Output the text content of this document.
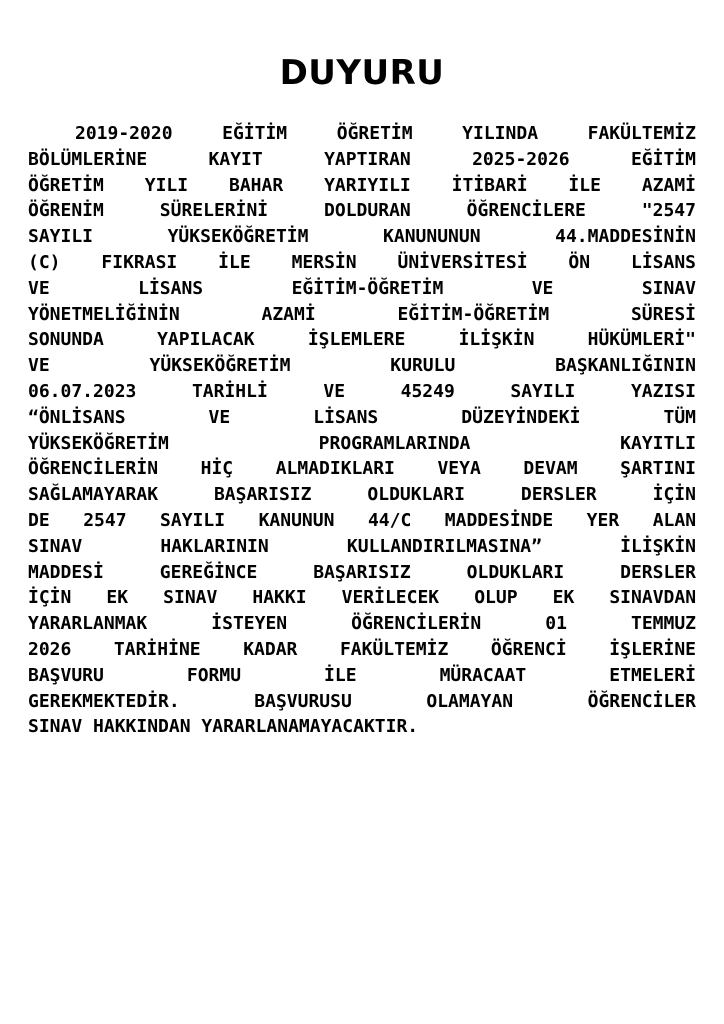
DUYURU
2019-2020	EĞİTİM	ÖĞRETİM	YILINDA	FAKÜLTEMİZ
BÖLÜMLERİNE	KAYIT	YAPTIRAN	2025-2026	EĞİTİM
ÖĞRETİM YILI BAHAR YARIYILI İTİBARİ İLE AZAMİ
ÖĞRENİM	SÜRELERİNİ	DOLDURAN	ÖĞRENCİLERE	"2547
SAYILI	YÜKSEKÖĞRETİM	KANUNUNUN	44.MADDESİNİN
(C) FIKRASI İLE MERSİN ÜNİVERSİTESİ ÖN LİSANS
VE	LİSANS	EĞİTİM-ÖĞRETİM	VE	SINAV
YÖNETMELİĞİNİN	AZAMİ	EĞİTİM-ÖĞRETİM	SÜRESİ
SONUNDA	YAPILACAK	İŞLEMLERE	İLİŞKİN	HÜKÜMLERİ"
VE	YÜKSEKÖĞRETİM	KURULU	BAŞKANLIĞININ
06.07.2023	TARİHLİ	VE	45249	SAYILI	YAZISI
“ÖNLİSANS	VE	LİSANS	DÜZEYİNDEKİ	TÜM
YÜKSEKÖĞRETİM	PROGRAMLARINDA	KAYITLI
ÖĞRENCİLERİN HİÇ ALMADIKLARI VEYA DEVAM ŞARTINI
SAĞLAMAYARAK	BAŞARISIZ	OLDUKLARI	DERSLER	İÇİN
DE 2547 SAYILI KANUNUN 44/C MADDESİNDE YER ALAN
SINAV	HAKLARININ	KULLANDIRILMASINA”	İLİŞKİN
MADDESİ	GEREĞİNCE	BAŞARISIZ	OLDUKLARI	DERSLER
İÇİN EK SINAV HAKKI VERİLECEK OLUP EK SINAVDAN
YARARLANMAK	İSTEYEN	ÖĞRENCİLERİN	01	TEMMUZ
2026 TARİHİNE KADAR FAKÜLTEMİZ ÖĞRENCİ İŞLERİNE
BAŞVURU	FORMU	İLE	MÜRACAAT	ETMELERİ
GEREKMEKTEDİR.	BAŞVURUSU	OLAMAYAN	ÖĞRENCİLER
SINAV HAKKINDAN YARARLANAMAYACAKTIR.
